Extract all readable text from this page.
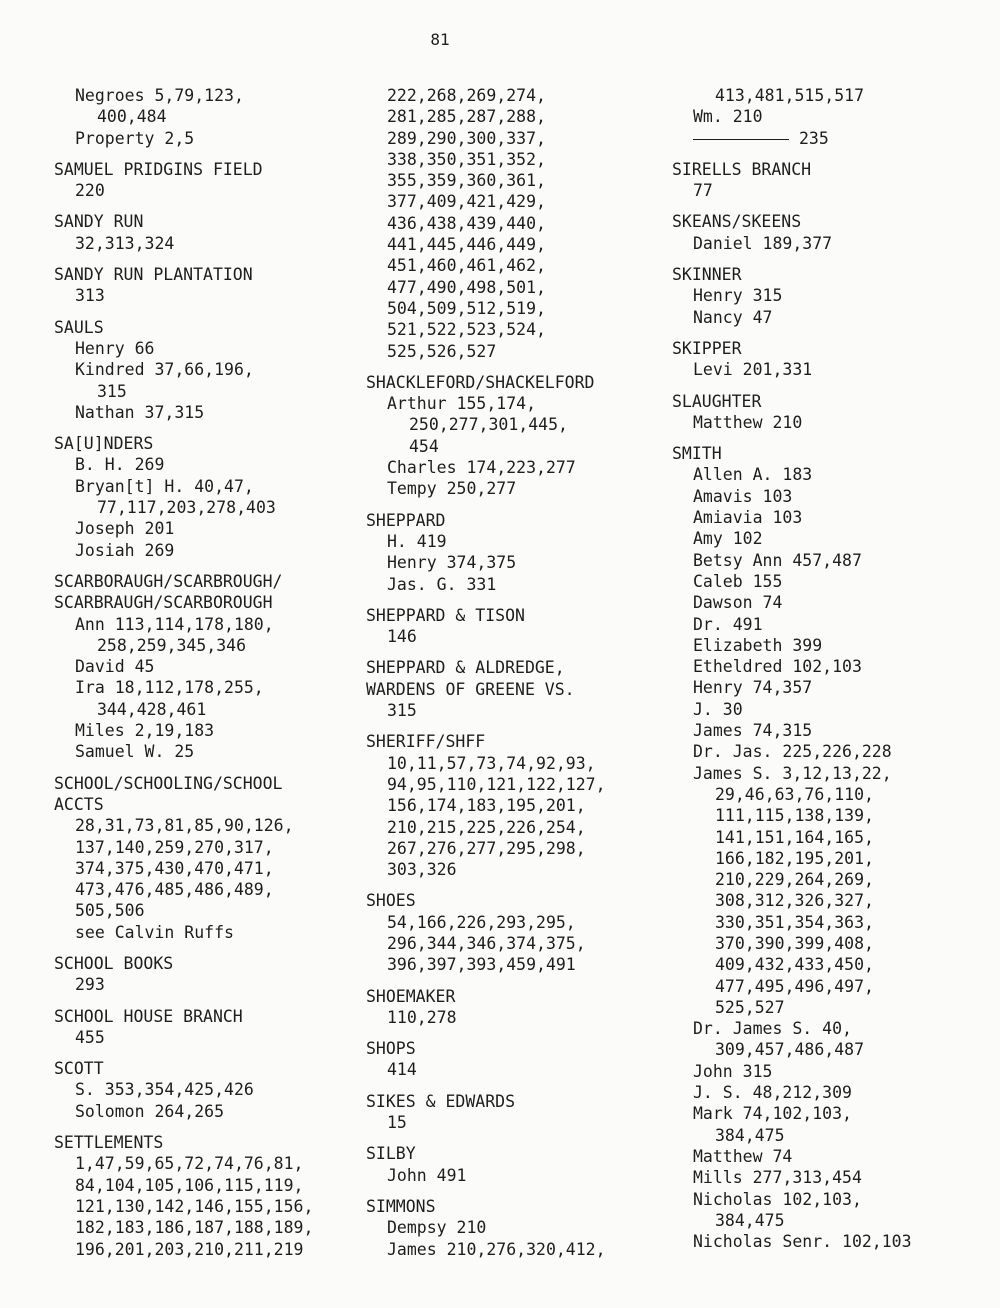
81
Negroes 5,79,123,
400,484
Property 2,5
SAMUEL PRIDGINS FIELD
220
SANDY RUN
32,313,324
SANDY RUN PLANTATION
313
SAULS
Henry 66
Kindred 37,66,196,
315
Nathan 37,315
SA[U]NDERS
B. H. 269
Bryan[t] H. 40,47,
77,117,203,278,403
Joseph 201
Josiah 269
SCARBORAUGH/SCARBROUGH/
SCARBRAUGH/SCARBOROUGH
Ann 113,114,178,180,
258,259,345,346
David 45
Ira 18,112,178,255,
344,428,461
Miles 2,19,183
Samuel W. 25
SCHOOL/SCHOOLING/SCHOOL
ACCTS
28,31,73,81,85,90,126,
137,140,259,270,317,
374,375,430,470,471,
473,476,485,486,489,
505,506
see Calvin Ruffs
SCHOOL BOOKS
293
SCHOOL HOUSE BRANCH
455
SCOTT
S. 353,354,425,426
Solomon 264,265
SETTLEMENTS
1,47,59,65,72,74,76,81,
84,104,105,106,115,119,
121,130,142,146,155,156,
182,183,186,187,188,189,
196,201,203,210,211,219
222,268,269,274,
281,285,287,288,
289,290,300,337,
338,350,351,352,
355,359,360,361,
377,409,421,429,
436,438,439,440,
441,445,446,449,
451,460,461,462,
477,490,498,501,
504,509,512,519,
521,522,523,524,
525,526,527
SHACKLEFORD/SHACKELFORD
Arthur 155,174,
250,277,301,445,
454
Charles 174,223,277
Tempy 250,277
SHEPPARD
H. 419
Henry 374,375
Jas. G. 331
SHEPPARD & TISON
146
SHEPPARD & ALDREDGE,
WARDENS OF GREENE VS.
315
SHERIFF/SHFF
10,11,57,73,74,92,93,
94,95,110,121,122,127,
156,174,183,195,201,
210,215,225,226,254,
267,276,277,295,298,
303,326
SHOES
54,166,226,293,295,
296,344,346,374,375,
396,397,393,459,491
SHOEMAKER
110,278
SHOPS
414
SIKES & EDWARDS
15
SILBY
John 491
SIMMONS
Dempsy 210
James 210,276,320,412,
413,481,515,517
Wm. 210
235
SIRELLS BRANCH
77
SKEANS/SKEENS
Daniel 189,377
SKINNER
Henry 315
Nancy 47
SKIPPER
Levi 201,331
SLAUGHTER
Matthew 210
SMITH
Allen A. 183
Amavis 103
Amiavia 103
Amy 102
Betsy Ann 457,487
Caleb 155
Dawson 74
Dr. 491
Elizabeth 399
Etheldred 102,103
Henry 74,357
J. 30
James 74,315
Dr. Jas. 225,226,228
James S. 3,12,13,22,
29,46,63,76,110,
111,115,138,139,
141,151,164,165,
166,182,195,201,
210,229,264,269,
308,312,326,327,
330,351,354,363,
370,390,399,408,
409,432,433,450,
477,495,496,497,
525,527
Dr. James S. 40,
309,457,486,487
John 315
J. S. 48,212,309
Mark 74,102,103,
384,475
Matthew 74
Mills 277,313,454
Nicholas 102,103,
384,475
Nicholas Senr. 102,103
